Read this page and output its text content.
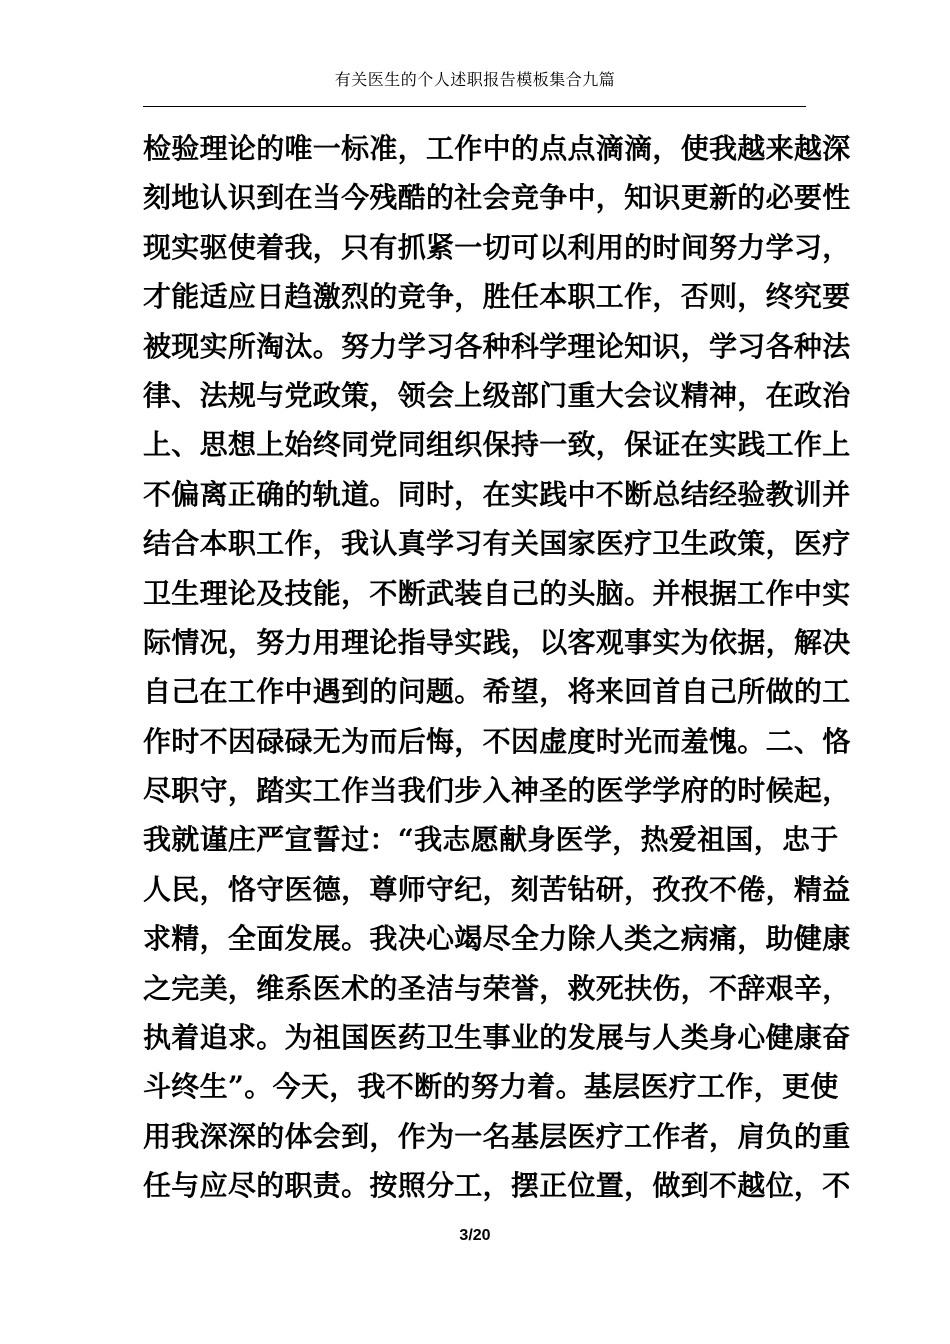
有关医生的个人述职报告模板集合九篇
检验理论的唯一标准，工作中的点点滴滴，使我越来越深
刻地认识到在当今残酷的社会竞争中，知识更新的必要性
现实驱使着我，只有抓紧一切可以利用的时间努力学习，
才能适应日趋激烈的竞争，胜任本职工作，否则，终究要
被现实所淘汰。努力学习各种科学理论知识，学习各种法
律、法规与党政策，领会上级部门重大会议精神，在政治
上、思想上始终同党同组织保持一致，保证在实践工作上
不偏离正确的轨道。同时，在实践中不断总结经验教训并
结合本职工作，我认真学习有关国家医疗卫生政策，医疗
卫生理论及技能，不断武装自己的头脑。并根据工作中实
际情况，努力用理论指导实践，以客观事实为依据，解决
自己在工作中遇到的问题。希望，将来回首自己所做的工
作时不因碌碌无为而后悔，不因虚度时光而羞愧。二、恪
尽职守，踏实工作当我们步入神圣的医学学府的时候起，
我就谨庄严宣誓过：“我志愿献身医学，热爱祖国，忠于
人民，恪守医德，尊师守纪，刻苦钻研，孜孜不倦，精益
求精，全面发展。我决心竭尽全力除人类之病痛，助健康
之完美，维系医术的圣洁与荣誉，救死扶伤，不辞艰辛，
执着追求。为祖国医药卫生事业的发展与人类身心健康奋
斗终生”。今天，我不断的努力着。基层医疗工作，更使
用我深深的体会到，作为一名基层医疗工作者，肩负的重
任与应尽的职责。按照分工，摆正位置，做到不越位，不
3/20
